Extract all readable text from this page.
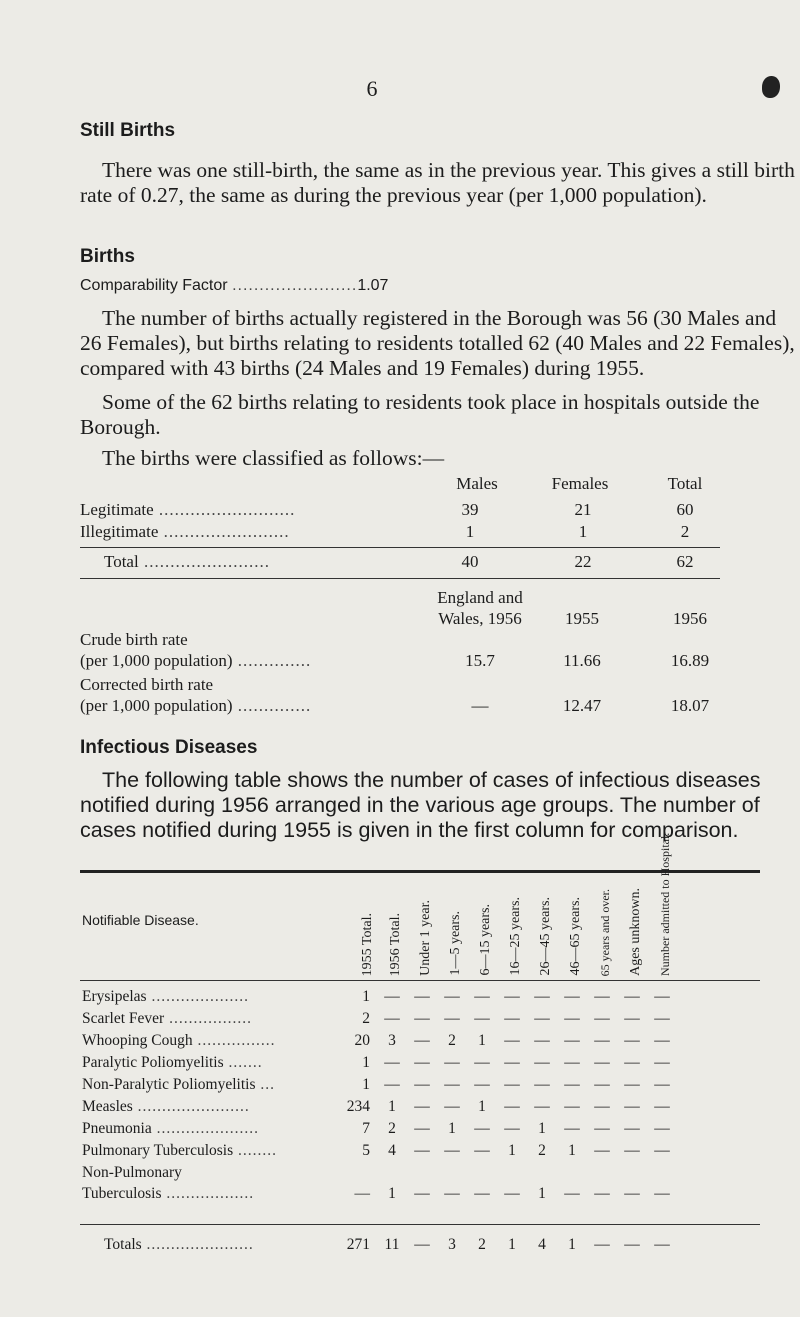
6
Still Births

There was one still-birth, the same as in the previous year. This gives a still birth rate of 0.27, the same as during the previous year (per 1,000 population).

Births
Comparability Factor .......................1.07

The number of births actually registered in the Borough was 56 (30 Males and 26 Females), but births relating to residents totalled 62 (40 Males and 22 Females), compared with 43 births (24 Males and 19 Females) during 1955.

Some of the 62 births relating to residents took place in hospitals outside the Borough.

The births were classified as follows:—

Males	Females	Total
Legitimate ..........................	39	21	60
Illegitimate ........................	1	1	2
Total ........................	40	22	62
England and
Wales, 1956	1955	1956
Crude birth rate
(per 1,000 population) ..............	15.7	11.66	16.89
Corrected birth rate
(per 1,000 population) ..............	—	12.47	18.07
Infectious Diseases

The following table shows the number of cases of infectious diseases notified during 1956 arranged in the various age groups. The number of cases notified during 1955 is given in the first column for comparison.

Notifiable Disease.	1955 Total. 1956 Total. Under 1 year. 1—5 years. 6—15 years. 16—25 years. 26—45 years. 46—65 years. 65 years and over. Ages unknown. Number admitted to Hospital.
Erysipelas ....................	1 — — — — — — — — — —
Scarlet Fever .................	2 — — — — — — — — — —
Whooping Cough ................	20	3	—	2	1	— — — — — —
Paralytic Poliomyelitis .......	1 — — — — — — — — — —
Non-Paralytic Poliomyelitis ...	1 — — — — — — — — — —
Measles .......................	234	1	— —	1	— — — — — —
Pneumonia .....................	7	2	—	1	— —	1	— — — —
Pulmonary Tuberculosis ........	5	4	— — —	1	2	1	— — —
Non-Pulmonary
Tuberculosis ..................	—	1	— — — —	1	— — — —
Totals ......................	271 11 —	3	2	1	4	1	— — —
